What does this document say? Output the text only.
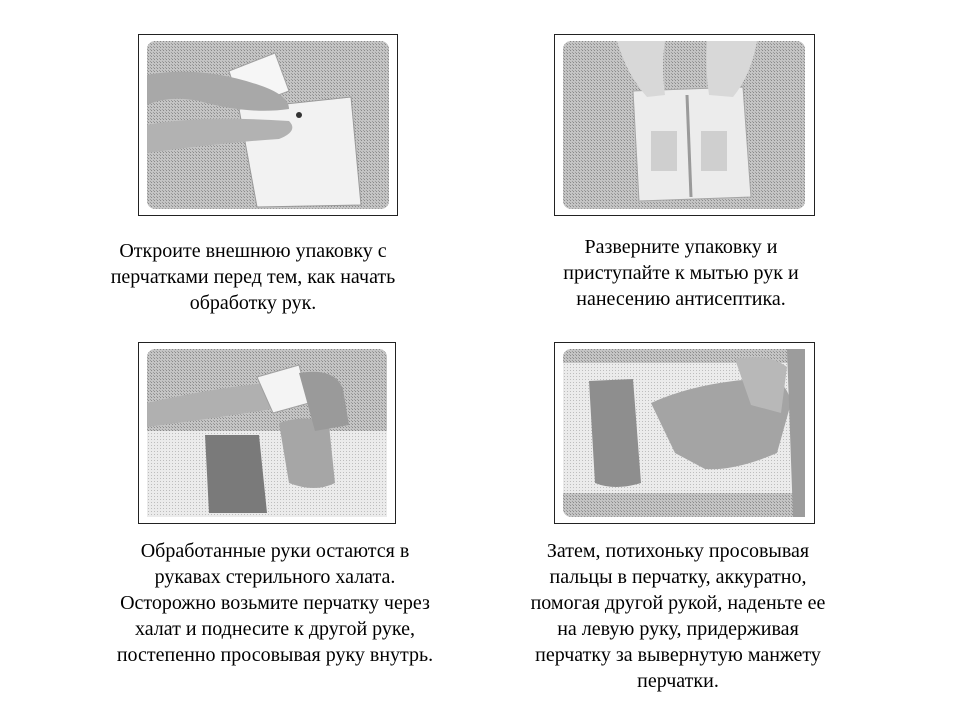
Откроите внешнюю упаковку с
перчатками перед тем, как начать
обработку рук.
Разверните упаковку и
приступайте к мытью рук и
нанесению антисептика.
Обработанные руки остаются в
рукавах стерильного халата.
Осторожно возьмите перчатку через
халат и поднесите к другой руке,
постепенно просовывая руку внутрь.
Затем, потихоньку просовывая
пальцы в перчатку, аккуратно,
помогая другой рукой, наденьте ее
на левую руку, придерживая
перчатку за вывернутую манжету
перчатки.
